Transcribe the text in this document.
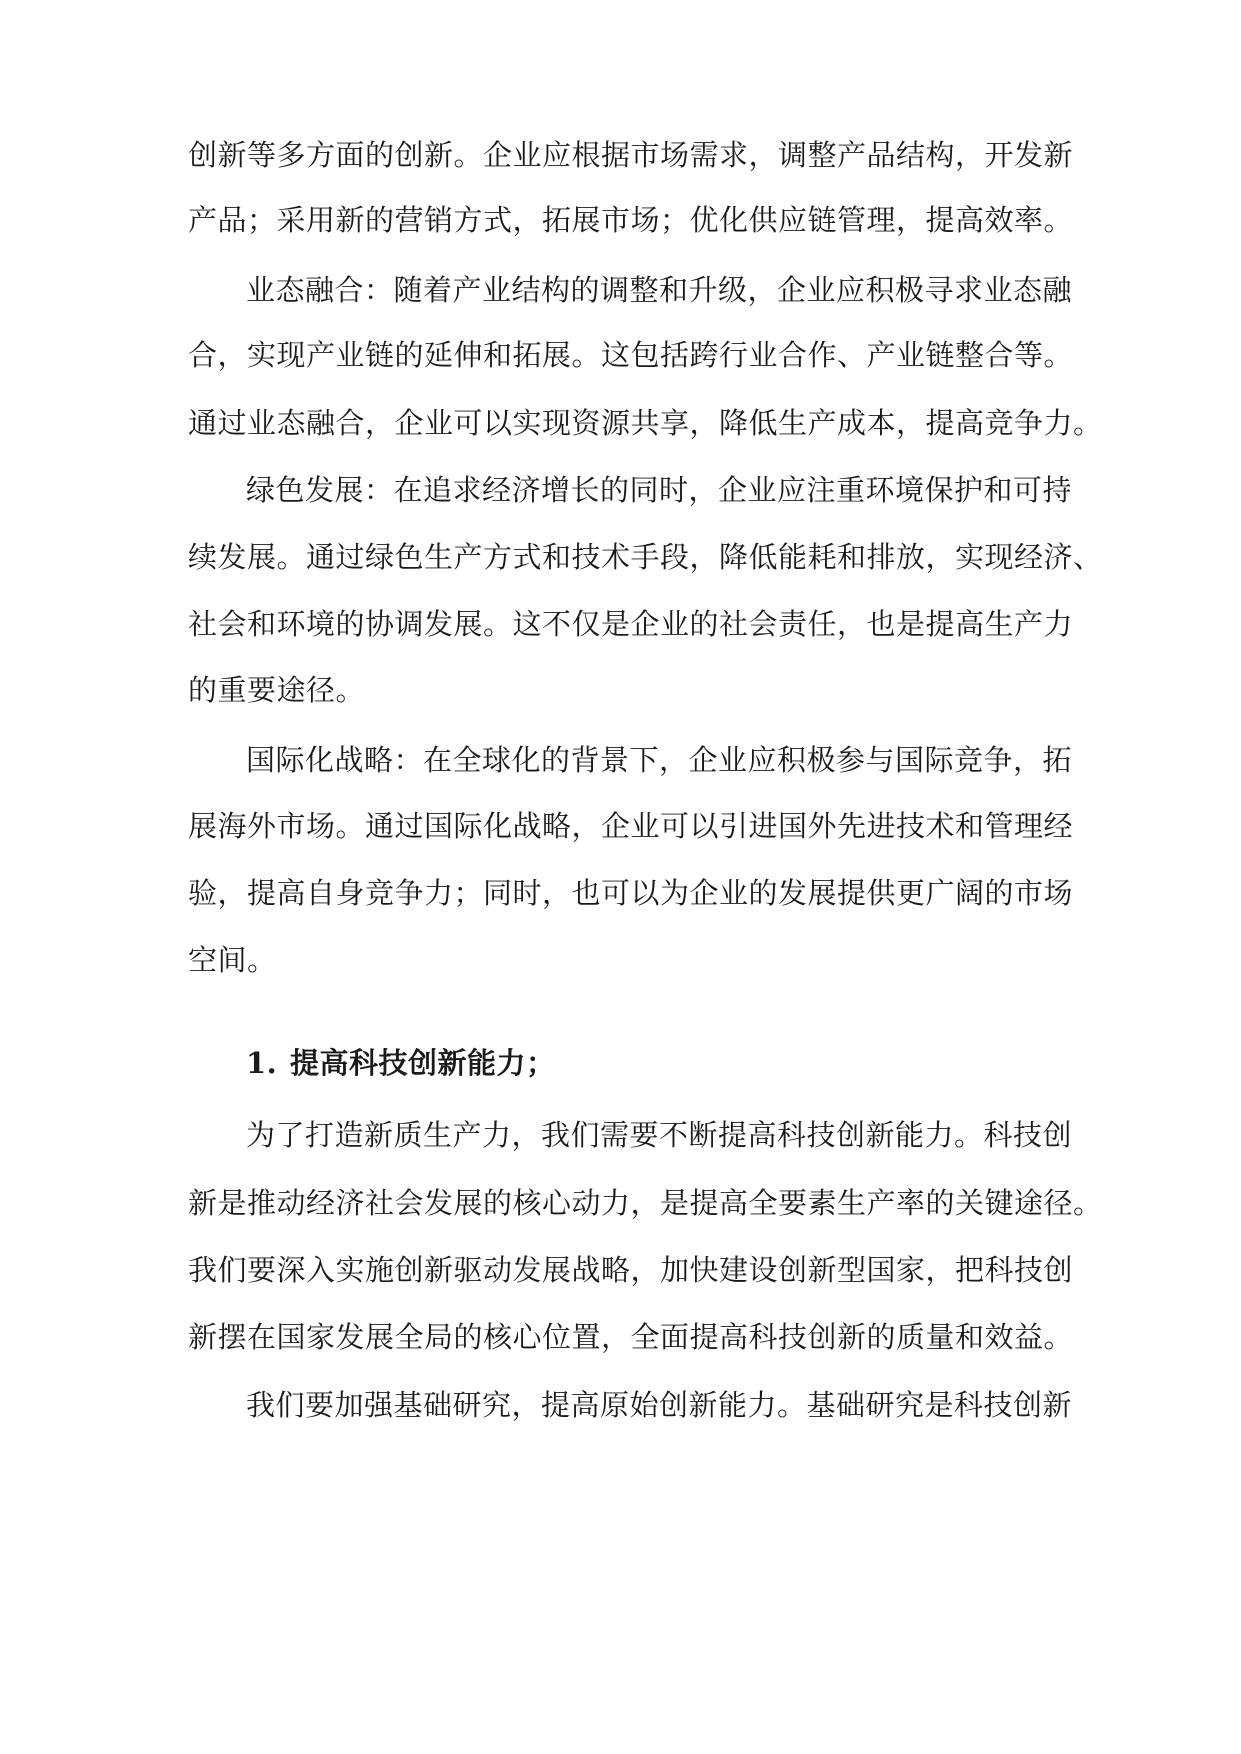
创新等多方面的创新。企业应根据市场需求，调整产品结构，开发新
产品；采用新的营销方式，拓展市场；优化供应链管理，提高效率。
业态融合：随着产业结构的调整和升级，企业应积极寻求业态融
合，实现产业链的延伸和拓展。这包括跨行业合作、产业链整合等。
通过业态融合，企业可以实现资源共享，降低生产成本，提高竞争力。
绿色发展：在追求经济增长的同时，企业应注重环境保护和可持
续发展。通过绿色生产方式和技术手段，降低能耗和排放，实现经济、
社会和环境的协调发展。这不仅是企业的社会责任，也是提高生产力
的重要途径。
国际化战略：在全球化的背景下，企业应积极参与国际竞争，拓
展海外市场。通过国际化战略，企业可以引进国外先进技术和管理经
验，提高自身竞争力；同时，也可以为企业的发展提供更广阔的市场
空间。
1. 提高科技创新能力；
为了打造新质生产力，我们需要不断提高科技创新能力。科技创
新是推动经济社会发展的核心动力，是提高全要素生产率的关键途径。
我们要深入实施创新驱动发展战略，加快建设创新型国家，把科技创
新摆在国家发展全局的核心位置，全面提高科技创新的质量和效益。
我们要加强基础研究，提高原始创新能力。基础研究是科技创新
